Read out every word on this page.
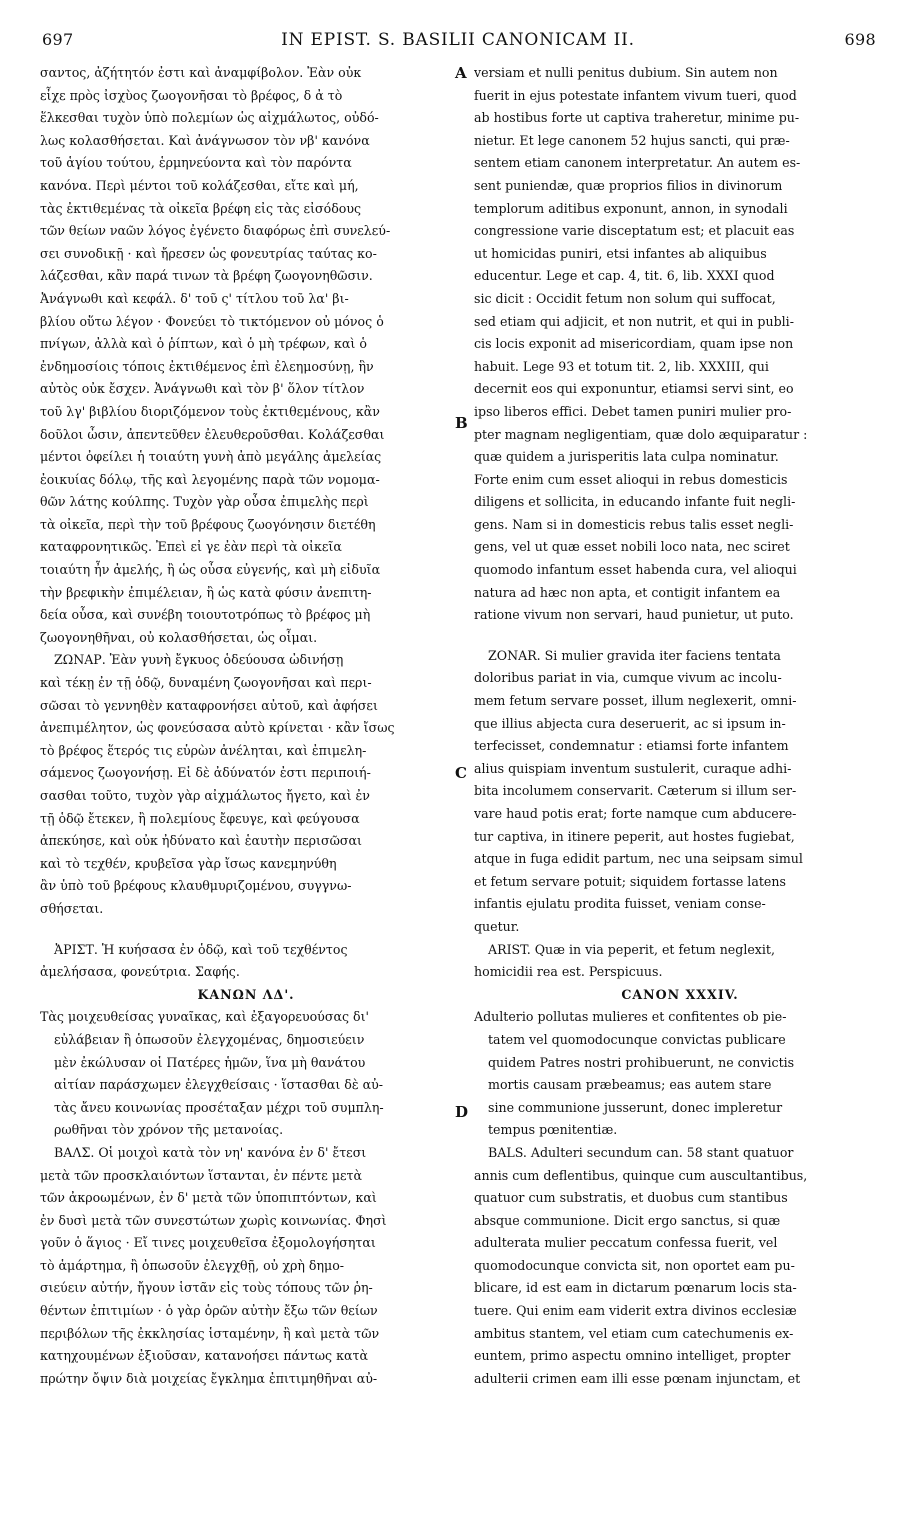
697	IN EPIST. S. BASILII CANONICAM II.	698
σαντος, ἀζήτητόν ἐστι καὶ ἀναμφίβολον. Ἐὰν οὐκ
εἶχε πρὸς ἰσχὺος ζωογονῆσαι τὸ βρέφος, δ ἀ τὸ
ἕλκεσθαι τυχὸν ὑπὸ πολεμίων ὡς αἰχμάλωτος, οὐδό-
λως κολασθήσεται. Καὶ ἀνάγνωσον τὸν νβ' κανόνα
τοῦ ἁγίου τούτου, ἑρμηνεύοντα καὶ τὸν παρόντα
κανόνα. Περὶ μέντοι τοῦ κολάζεσθαι, εἴτε καὶ μή,
τὰς ἐκτιθεμένας τὰ οἰκεῖα βρέφη εἰς τὰς εἰσόδους
τῶν θείων ναῶν λόγος ἐγένετο διαφόρως ἐπὶ συνελεύ-
σει συνοδικῇ · καὶ ἤρεσεν ὡς φονευτρίας ταύτας κο-
λάζεσθαι, κἂν παρά τινων τὰ βρέφη ζωογονηθῶσιν.
Ἀνάγνωθι καὶ κεφάλ. δ' τοῦ ς' τίτλου τοῦ λα' βι-
βλίου οὕτω λέγον · Φονεύει τὸ τικτόμενον οὐ μόνος ὁ
πνίγων, ἀλλὰ καὶ ὁ ῥίπτων, καὶ ὁ μὴ τρέφων, καὶ ὁ
ἐνδημοσίοις τόποις ἐκτιθέμενος ἐπὶ ἐλεημοσύνῃ, ἣν
αὐτὸς οὐκ ἔσχεν. Ἀνάγνωθι καὶ τὸν β' ὅλον τίτλον
τοῦ λγ' βιβλίου διοριζόμενον τοὺς ἐκτιθεμένους, κἂν
δοῦλοι ὦσιν, ἀπεντεῦθεν ἐλευθεροῦσθαι. Κολάζεσθαι
μέντοι ὀφείλει ἡ τοιαύτη γυνὴ ἀπὸ μεγάλης ἀμελείας
ἐοικυίας δόλῳ, τῆς καὶ λεγομένης παρὰ τῶν νομομα-
θῶν λάτης κούλπης. Τυχὸν γὰρ οὖσα ἐπιμελὴς περὶ
τὰ οἰκεῖα, περὶ τὴν τοῦ βρέφους ζωογόνησιν διετέθη
καταφρονητικῶς. Ἐπεὶ εἰ γε ἐὰν περὶ τὰ οἰκεῖα
τοιαύτη ἦν ἀμελής, ἢ ὡς οὖσα εὐγενής, καὶ μὴ εἰδυῖα
τὴν βρεφικὴν ἐπιμέλειαν, ἢ ὡς κατὰ φύσιν ἀνεπιτη-
δεία οὖσα, καὶ συνέβη τοιουτοτρόπως τὸ βρέφος μὴ
ζωογονηθῆναι, οὐ κολασθήσεται, ὡς οἶμαι.
ΖΩΝΑΡ. Ἐὰν γυνὴ ἔγκυος ὁδεύουσα ὠδινήσῃ
καὶ τέκῃ ἐν τῇ ὁδῷ, δυναμένη ζωογονῆσαι καὶ περι-
σῶσαι τὸ γεννηθὲν καταφρονήσει αὐτοῦ, καὶ ἀφήσει
ἀνεπιμέλητον, ὡς φονεύσασα αὐτὸ κρίνεται · κἂν ἴσως
τὸ βρέφος ἕτερός τις εὑρὼν ἀνέληται, καὶ ἐπιμελη-
σάμενος ζωογονήσῃ. Εἰ δὲ ἀδύνατόν ἐστι περιποιή-
σασθαι τοῦτο, τυχὸν γὰρ αἰχμάλωτος ἤγετο, καὶ ἐν
τῇ ὁδῷ ἔτεκεν, ἢ πολεμίους ἔφευγε, καὶ φεύγουσα
ἀπεκύησε, καὶ οὐκ ἠδύνατο καὶ ἑαυτὴν περισῶσαι
καὶ τὸ τεχθέν, κρυβεῖσα γὰρ ἴσως κανεμηνύθη
ἂν ὑπὸ τοῦ βρέφους κλαυθμυριζομένου, συγγνω-
σθήσεται.
ἈΡΙΣΤ. Ἡ κυήσασα ἐν ὁδῷ, καὶ τοῦ τεχθέντος
ἀμελήσασα, φονεύτρια. Σαφής.
ΚΑΝΩΝ ΛΔ'.
Τὰς μοιχευθείσας γυναῖκας, καὶ ἐξαγορευούσας δι'
εὐλάβειαν ἢ ὁπωσοῦν ἐλεγχομένας, δημοσιεύειν
μὲν ἐκώλυσαν οἱ Πατέρες ἡμῶν, ἵνα μὴ θανάτου
αἰτίαν παράσχωμεν ἐλεγχθείσαις · ἵστασθαι δὲ αὐ-
τὰς ἄνευ κοινωνίας προσέταξαν μέχρι τοῦ συμπλη-
ρωθῆναι τὸν χρόνον τῆς μετανοίας.
ΒΑΛΣ. Οἱ μοιχοὶ κατὰ τὸν νη' κανόνα ἐν δ' ἔτεσι
μετὰ τῶν προσκλαιόντων ἵστανται, ἐν πέντε μετὰ
τῶν ἀκροωμένων, ἐν δ' μετὰ τῶν ὑποπιπτόντων, καὶ
ἐν δυσὶ μετὰ τῶν συνεστώτων χωρὶς κοινωνίας. Φησὶ
γοῦν ὁ ἅγιος · Εἴ τινες μοιχευθεῖσα ἐξομολογήσηται
τὸ ἁμάρτημα, ἢ ὁπωσοῦν ἐλεγχθῇ, οὐ χρὴ δημο-
σιεύειν αὐτήν, ἤγουν ἱστᾶν εἰς τοὺς τόπους τῶν ῥη-
θέντων ἐπιτιμίων · ὁ γὰρ ὁρῶν αὐτὴν ἔξω τῶν θείων
περιβόλων τῆς ἐκκλησίας ἱσταμένην, ἢ καὶ μετὰ τῶν
κατηχουμένων ἐξιοῦσαν, κατανοήσει πάντως κατὰ
πρώτην ὄψιν διὰ μοιχείας ἔγκλημα ἐπιτιμηθῆναι αὐ-
versiam et nulli penitus dubium. Sin autem non
fuerit in ejus potestate infantem vivum tueri, quod
ab hostibus forte ut captiva traheretur, minime pu-
nietur. Et lege canonem 52 hujus sancti, qui præ-
sentem etiam canonem interpretatur. An autem es-
sent puniendæ, quæ proprios filios in divinorum
templorum aditibus exponunt, annon, in synodali
congressione varie disceptatum est; et placuit eas
ut homicidas puniri, etsi infantes ab aliquibus
educentur. Lege et cap. 4, tit. 6, lib. XXXI quod
sic dicit : Occidit fetum non solum qui suffocat,
sed etiam qui adjicit, et non nutrit, et qui in publi-
cis locis exponit ad misericordiam, quam ipse non
habuit. Lege 93 et totum tit. 2, lib. XXXIII, qui
decernit eos qui exponuntur, etiamsi servi sint, eo
ipso liberos effici. Debet tamen puniri mulier pro-
pter magnam negligentiam, quæ dolo æquiparatur :
quæ quidem a jurisperitis lata culpa nominatur.
Forte enim cum esset alioqui in rebus domesticis
diligens et sollicita, in educando infante fuit negli-
gens. Nam si in domesticis rebus talis esset negli-
gens, vel ut quæ esset nobili loco nata, nec sciret
quomodo infantum esset habenda cura, vel alioqui
natura ad hæc non apta, et contigit infantem ea
ratione vivum non servari, haud punietur, ut puto.
ZONAR. Si mulier gravida iter faciens tentata
doloribus pariat in via, cumque vivum ac incolu-
mem fetum servare posset, illum neglexerit, omni-
que illius abjecta cura deseruerit, ac si ipsum in-
terfecisset, condemnatur : etiamsi forte infantem
alius quispiam inventum sustulerit, curaque adhi-
bita incolumem conservarit. Cæterum si illum ser-
vare haud potis erat; forte namque cum abducere-
tur captiva, in itinere peperit, aut hostes fugiebat,
atque in fuga edidit partum, nec una seipsam simul
et fetum servare potuit; siquidem fortasse latens
infantis ejulatu prodita fuisset, veniam conse-
quetur.
ARIST. Quæ in via peperit, et fetum neglexit,
homicidii rea est. Perspicuus.
CANON XXXIV.
Adulterio pollutas mulieres et confitentes ob pie-
tatem vel quomodocunque convictas publicare
quidem Patres nostri prohibuerunt, ne convictis
mortis causam præbeamus; eas autem stare
sine communione jusserunt, donec impleretur
tempus pœnitentiæ.
BALS. Adulteri secundum can. 58 stant quatuor
annis cum deflentibus, quinque cum auscultantibus,
quatuor cum substratis, et duobus cum stantibus
absque communione. Dicit ergo sanctus, si quæ
adulterata mulier peccatum confessa fuerit, vel
quomodocunque convicta sit, non oportet eam pu-
blicare, id est eam in dictarum pœnarum locis sta-
tuere. Qui enim eam viderit extra divinos ecclesiæ
ambitus stantem, vel etiam cum catechumenis ex-
euntem, primo aspectu omnino intelliget, propter
adulterii crimen eam illi esse pœnam injunctam, et
A
B
C
D
